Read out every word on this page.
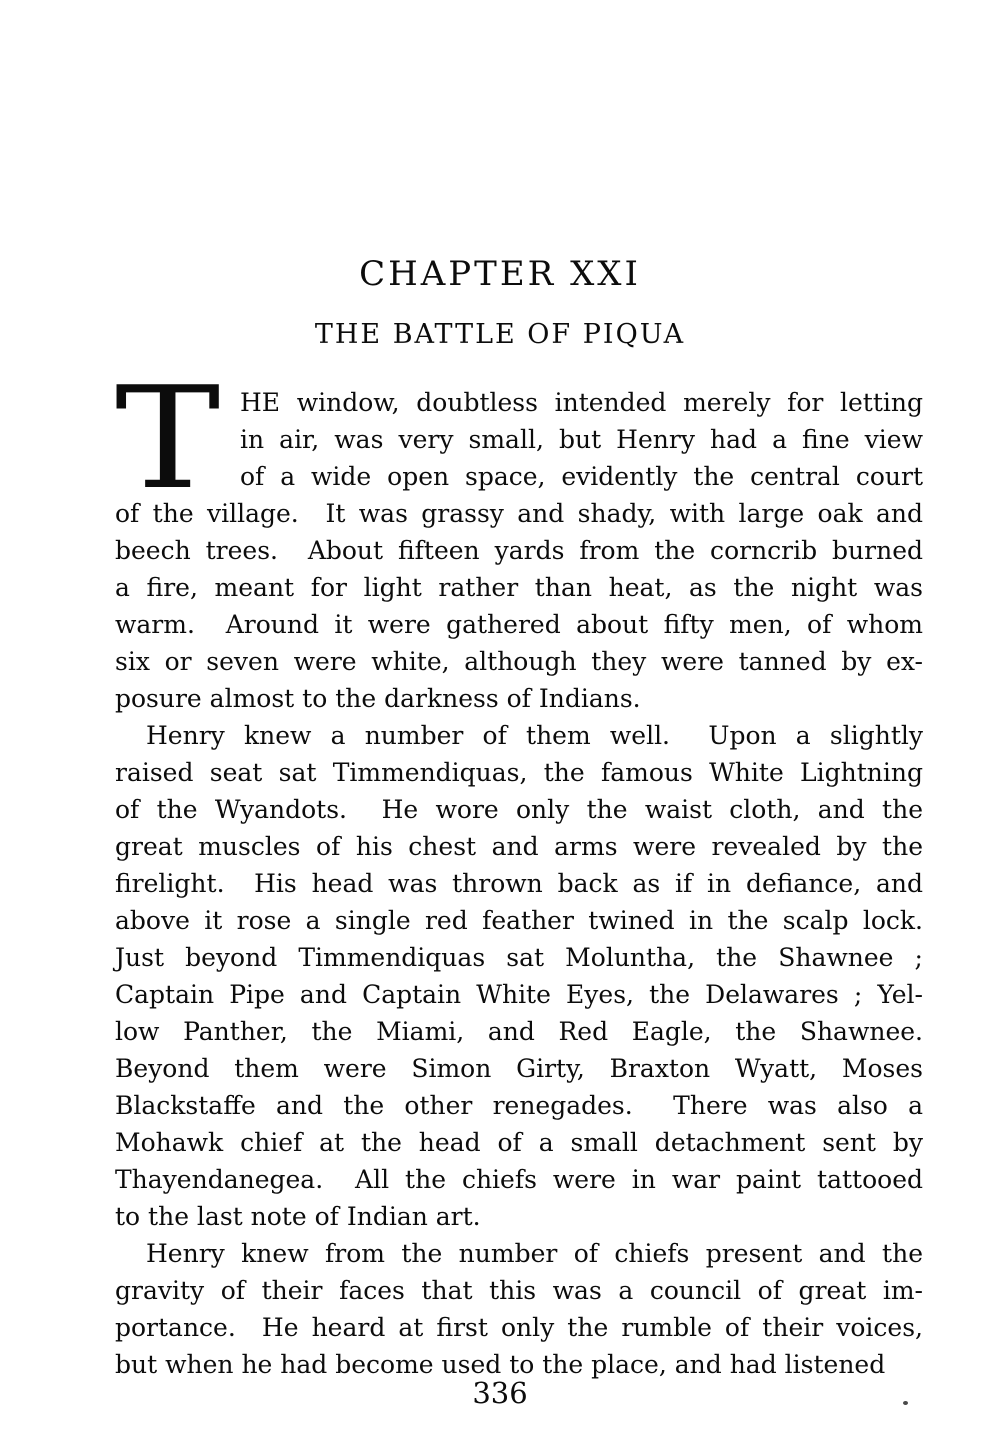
CHAPTER XXI
THE BATTLE OF PIQUA
T HE window, doubtless intended merely for letting
in air, was very small, but Henry had a fine view
of a wide open space, evidently the central court
of the village.  It was grassy and shady, with large oak and
beech trees.  About fifteen yards from the corncrib burned
a fire, meant for light rather than heat, as the night was
warm.  Around it were gathered about fifty men, of whom
six or seven were white, although they were tanned by ex-
posure almost to the darkness of Indians.
Henry knew a number of them well.  Upon a slightly
raised seat sat Timmendiquas, the famous White Lightning
of the Wyandots.  He wore only the waist cloth, and the
great muscles of his chest and arms were revealed by the
firelight.  His head was thrown back as if in defiance, and
above it rose a single red feather twined in the scalp lock.
Just beyond Timmendiquas sat Moluntha, the Shawnee ;
Captain Pipe and Captain White Eyes, the Delawares ; Yel-
low Panther, the Miami, and Red Eagle, the Shawnee.
Beyond them were Simon Girty, Braxton Wyatt, Moses
Blackstaffe and the other renegades.  There was also a
Mohawk chief at the head of a small detachment sent by
Thayendanegea.  All the chiefs were in war paint tattooed
to the last note of Indian art.
Henry knew from the number of chiefs present and the
gravity of their faces that this was a council of great im-
portance.  He heard at first only the rumble of their voices,
but when he had become used to the place, and had listened
336
